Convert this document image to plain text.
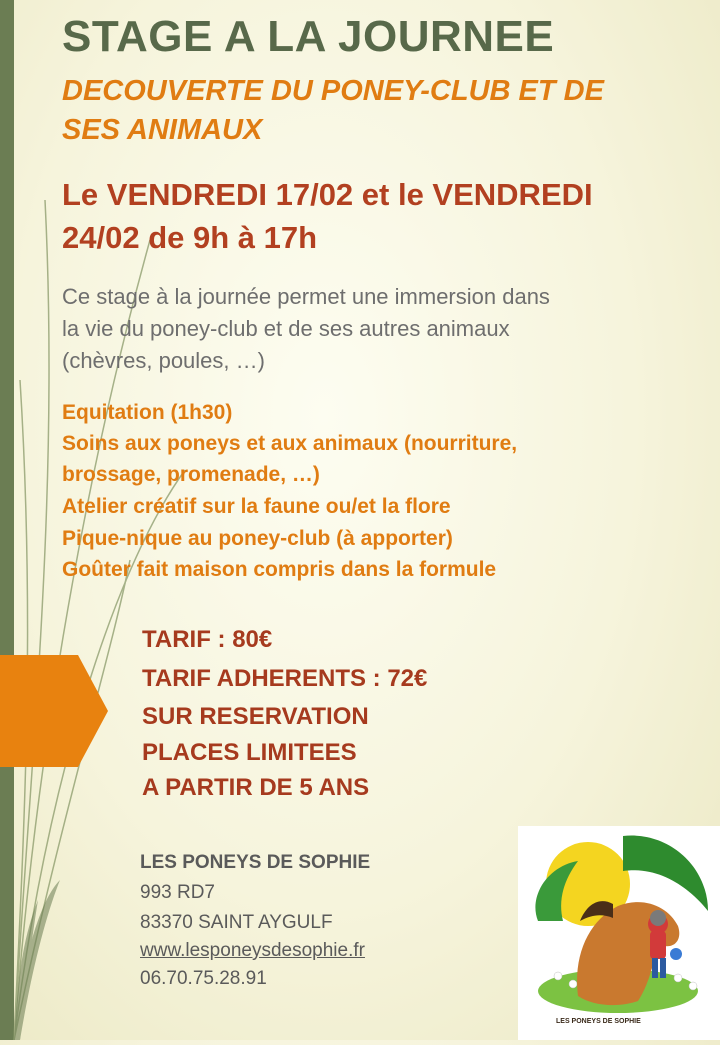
STAGE A LA JOURNEE
DECOUVERTE DU PONEY-CLUB ET DE
SES ANIMAUX
Le VENDREDI 17/02 et le VENDREDI
24/02 de 9h à 17h
Ce stage à la journée permet une immersion dans
la vie du poney-club et de ses autres animaux
(chèvres, poules, …)
Equitation (1h30)
Soins aux poneys et aux animaux (nourriture,
brossage, promenade, …)
Atelier créatif sur la faune ou/et la flore
Pique-nique au poney-club (à apporter)
Goûter fait maison compris dans la formule
TARIF : 80€
TARIF ADHERENTS : 72€
SUR RESERVATION
PLACES LIMITEES
A PARTIR DE 5 ANS
LES PONEYS DE SOPHIE
993 RD7
83370 SAINT AYGULF
www.lesponeysdesophie.fr
06.70.75.28.91
LES PONEYS DE SOPHIE
